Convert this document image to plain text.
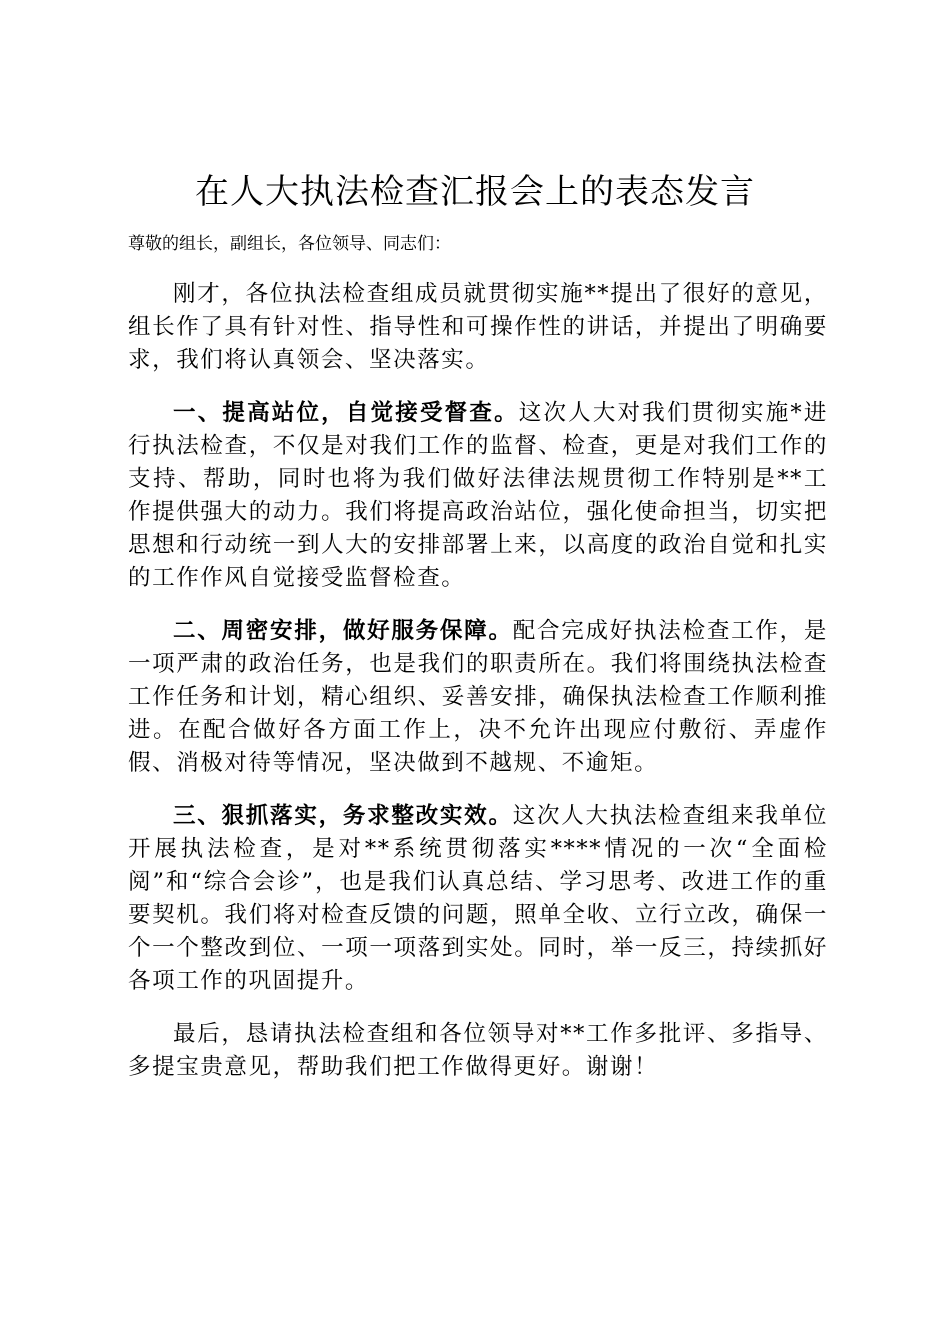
在人大执法检查汇报会上的表态发言

尊敬的组长，副组长，各位领导、同志们：

刚才，各位执法检查组成员就贯彻实施**提出了很好的意见，组长作了具有针对性、指导性和可操作性的讲话，并提出了明确要求，我们将认真领会、坚决落实。

一、提高站位，自觉接受督查。这次人大对我们贯彻实施*进行执法检查，不仅是对我们工作的监督、检查，更是对我们工作的支持、帮助，同时也将为我们做好法律法规贯彻工作特别是**工作提供强大的动力。我们将提高政治站位，强化使命担当，切实把思想和行动统一到人大的安排部署上来，以高度的政治自觉和扎实的工作作风自觉接受监督检查。

二、周密安排，做好服务保障。配合完成好执法检查工作，是一项严肃的政治任务，也是我们的职责所在。我们将围绕执法检查工作任务和计划，精心组织、妥善安排，确保执法检查工作顺利推进。在配合做好各方面工作上，决不允许出现应付敷衍、弄虚作假、消极对待等情况，坚决做到不越规、不逾矩。

三、狠抓落实，务求整改实效。这次人大执法检查组来我单位开展执法检查，是对**系统贯彻落实****情况的一次“全面检阅”和“综合会诊”，也是我们认真总结、学习思考、改进工作的重要契机。我们将对检查反馈的问题，照单全收、立行立改，确保一个一个整改到位、一项一项落到实处。同时，举一反三，持续抓好各项工作的巩固提升。

最后，恳请执法检查组和各位领导对**工作多批评、多指导、多提宝贵意见，帮助我们把工作做得更好。谢谢！
